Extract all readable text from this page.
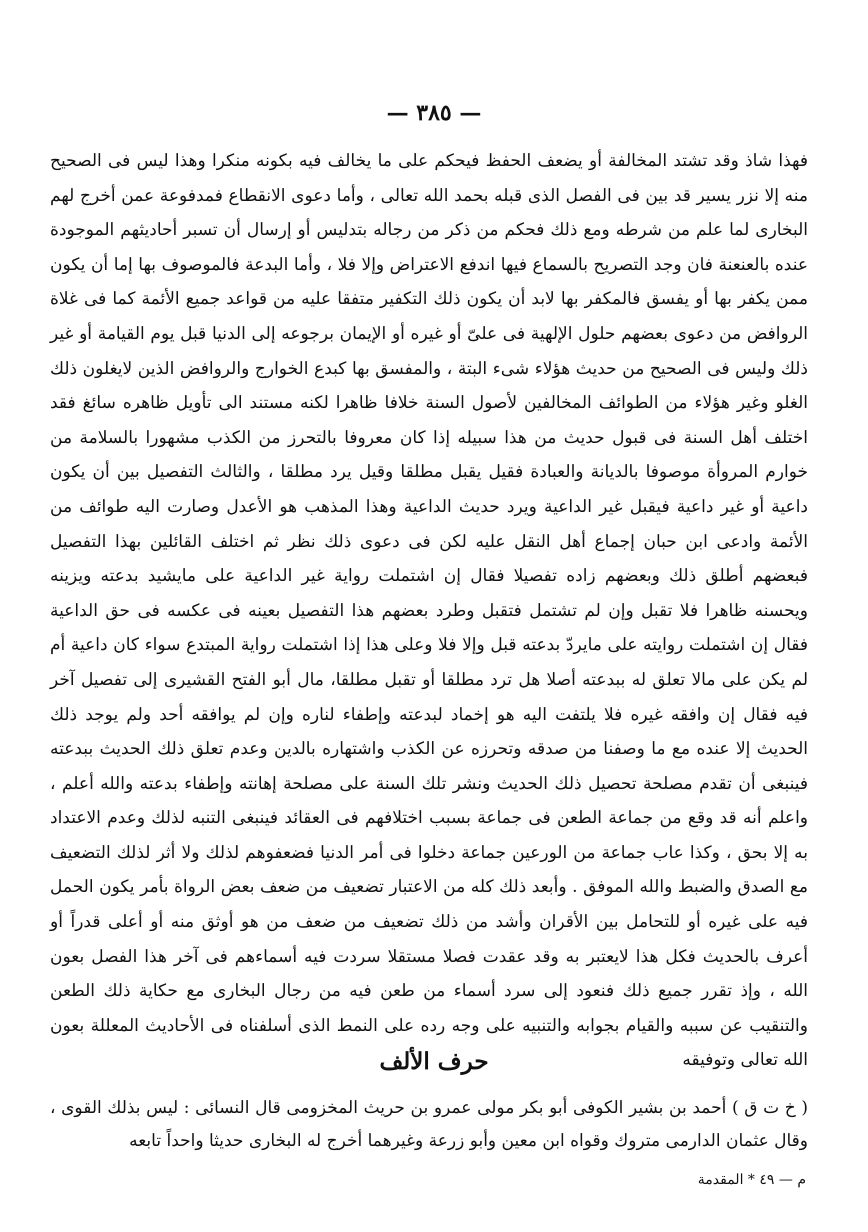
— ٣٨٥ —

فهذا شاذ وقد تشتد المخالفة أو يضعف الحفظ فيحكم على ما يخالف فيه بكونه منكرا وهذا ليس فى الصحيح منه إلا نزر يسير قد بين فى الفصل الذى قبله بحمد الله تعالى ، وأما دعوى الانقطاع فمدفوعة عمن أخرج لهم البخارى لما علم من شرطه ومع ذلك فحكم من ذكر من رجاله بتدليس أو إرسال أن تسبر أحاديثهم الموجودة عنده بالعنعنة فان وجد التصريح بالسماع فيها اندفع الاعتراض وإلا فلا ، وأما البدعة فالموصوف بها إما أن يكون ممن يكفر بها أو يفسق فالمكفر بها لابد أن يكون ذلك التكفير متفقا عليه من قواعد جميع الأئمة كما فى غلاة الروافض من دعوى بعضهم حلول الإلهية فى علىّ أو غيره أو الإيمان برجوعه إلى الدنيا قبل يوم القيامة أو غير ذلك وليس فى الصحيح من حديث هؤلاء شىء البتة ، والمفسق بها كبدع الخوارج والروافض الذين لايغلون ذلك الغلو وغير هؤلاء من الطوائف المخالفين لأصول السنة خلافا ظاهرا لكنه مستند الى تأويل ظاهره سائغ فقد اختلف أهل السنة فى قبول حديث من هذا سبيله إذا كان معروفا بالتحرز من الكذب مشهورا بالسلامة من خوارم المروأة موصوفا بالديانة والعبادة فقيل يقبل مطلقا وقيل يرد مطلقا ، والثالث التفصيل بين أن يكون داعية أو غير داعية فيقبل غير الداعية ويرد حديث الداعية وهذا المذهب هو الأعدل وصارت اليه طوائف من الأئمة وادعى ابن حبان إجماع أهل النقل عليه لكن فى دعوى ذلك نظر ثم اختلف القائلين بهذا التفصيل فبعضهم أطلق ذلك وبعضهم زاده تفصيلا فقال إن اشتملت رواية غير الداعية على مايشيد بدعته ويزينه ويحسنه ظاهرا فلا تقبل وإن لم تشتمل فتقبل وطرد بعضهم هذا التفصيل بعينه فى عكسه فى حق الداعية فقال إن اشتملت روايته على مايردّ بدعته قبل وإلا فلا وعلى هذا إذا اشتملت رواية المبتدع سواء كان داعية أم لم يكن على مالا تعلق له ببدعته أصلا هل ترد مطلقا أو تقبل مطلقا، مال أبو الفتح القشيرى إلى تفصيل آخر فيه فقال إن وافقه غيره فلا يلتفت اليه هو إخماد لبدعته وإطفاء لناره وإن لم يوافقه أحد ولم يوجد ذلك الحديث إلا عنده مع ما وصفنا من صدقه وتحرزه عن الكذب واشتهاره بالدين وعدم تعلق ذلك الحديث ببدعته فينبغى أن تقدم مصلحة تحصيل ذلك الحديث ونشر تلك السنة على مصلحة إهانته وإطفاء بدعته والله أعلم ، واعلم أنه قد وقع من جماعة الطعن فى جماعة بسبب اختلافهم فى العقائد فينبغى التنبه لذلك وعدم الاعتداد به إلا بحق ، وكذا عاب جماعة من الورعين جماعة دخلوا فى أمر الدنيا فضعفوهم لذلك ولا أثر لذلك التضعيف مع الصدق والضبط والله الموفق . وأبعد ذلك كله من الاعتبار تضعيف من ضعف بعض الرواة بأمر يكون الحمل فيه على غيره أو للتحامل بين الأقران وأشد من ذلك تضعيف من ضعف من هو أوثق منه أو أعلى قدراً أو أعرف بالحديث فكل هذا لايعتبر به وقد عقدت فصلا مستقلا سردت فيه أسماءهم فى آخر هذا الفصل بعون الله ، وإذ تقرر جميع ذلك فنعود إلى سرد أسماء من طعن فيه من رجال البخارى مع حكاية ذلك الطعن والتنقيب عن سببه والقيام بجوابه والتنبيه على وجه رده على النمط الذى أسلفناه فى الأحاديث المعللة بعون الله تعالى وتوفيقه

حرف الألف

( خ ت ق ) أحمد بن بشير الكوفى أبو بكر مولى عمرو بن حريث المخزومى قال النسائى : ليس بذلك القوى ، وقال عثمان الدارمى متروك وقواه ابن معين وأبو زرعة وغيرهما أخرج له البخارى حديثا واحداً تابعه

م — ٤٩ * المقدمة
